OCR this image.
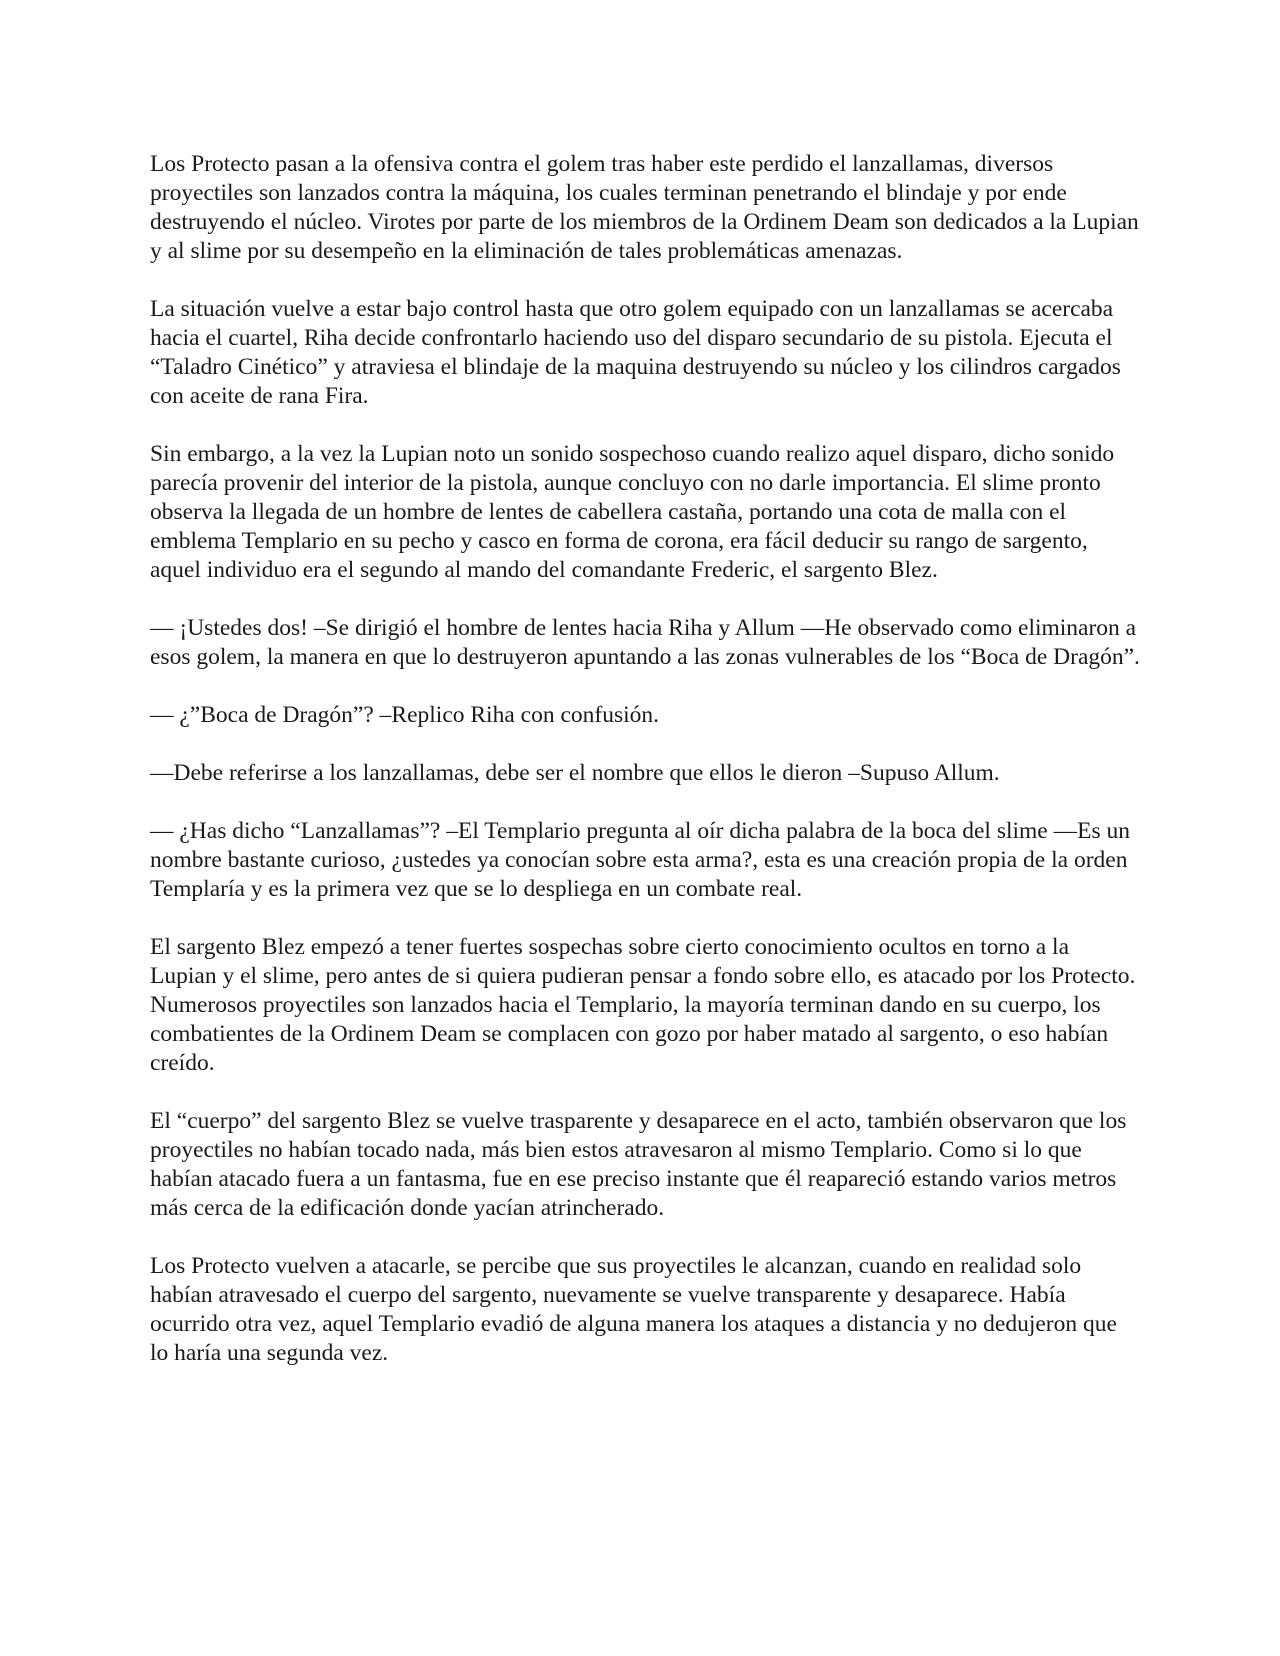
Los Protecto pasan a la ofensiva contra el golem tras haber este perdido el lanzallamas, diversos proyectiles son lanzados contra la máquina, los cuales terminan penetrando el blindaje y por ende destruyendo el núcleo. Virotes por parte de los miembros de la Ordinem Deam son dedicados a la Lupian y al slime por su desempeño en la eliminación de tales problemáticas amenazas.

La situación vuelve a estar bajo control hasta que otro golem equipado con un lanzallamas se acercaba hacia el cuartel, Riha decide confrontarlo haciendo uso del disparo secundario de su pistola. Ejecuta el “Taladro Cinético” y atraviesa el blindaje de la maquina destruyendo su núcleo y los cilindros cargados con aceite de rana Fira.

Sin embargo, a la vez la Lupian noto un sonido sospechoso cuando realizo aquel disparo, dicho sonido parecía provenir del interior de la pistola, aunque concluyo con no darle importancia. El slime pronto observa la llegada de un hombre de lentes de cabellera castaña, portando una cota de malla con el emblema Templario en su pecho y casco en forma de corona, era fácil deducir su rango de sargento, aquel individuo era el segundo al mando del comandante Frederic, el sargento Blez.

— ¡Ustedes dos! –Se dirigió el hombre de lentes hacia Riha y Allum —He observado como eliminaron a esos golem, la manera en que lo destruyeron apuntando a las zonas vulnerables de los “Boca de Dragón”.

— ¿”Boca de Dragón”? –Replico Riha con confusión.

—Debe referirse a los lanzallamas, debe ser el nombre que ellos le dieron –Supuso Allum.

— ¿Has dicho “Lanzallamas”? –El Templario pregunta al oír dicha palabra de la boca del slime —Es un nombre bastante curioso, ¿ustedes ya conocían sobre esta arma?, esta es una creación propia de la orden Templaría y es la primera vez que se lo despliega en un combate real.

El sargento Blez empezó a tener fuertes sospechas sobre cierto conocimiento ocultos en torno a la Lupian y el slime, pero antes de si quiera pudieran pensar a fondo sobre ello, es atacado por los Protecto. Numerosos proyectiles son lanzados hacia el Templario, la mayoría terminan dando en su cuerpo, los combatientes de la Ordinem Deam se complacen con gozo por haber matado al sargento, o eso habían creído.

El “cuerpo” del sargento Blez se vuelve trasparente y desaparece en el acto, también observaron que los proyectiles no habían tocado nada, más bien estos atravesaron al mismo Templario. Como si lo que habían atacado fuera a un fantasma, fue en ese preciso instante que él reapareció estando varios metros más cerca de la edificación donde yacían atrincherado.

Los Protecto vuelven a atacarle, se percibe que sus proyectiles le alcanzan, cuando en realidad solo habían atravesado el cuerpo del sargento, nuevamente se vuelve transparente y desaparece. Había ocurrido otra vez, aquel Templario evadió de alguna manera los ataques a distancia y no dedujeron que lo haría una segunda vez.
